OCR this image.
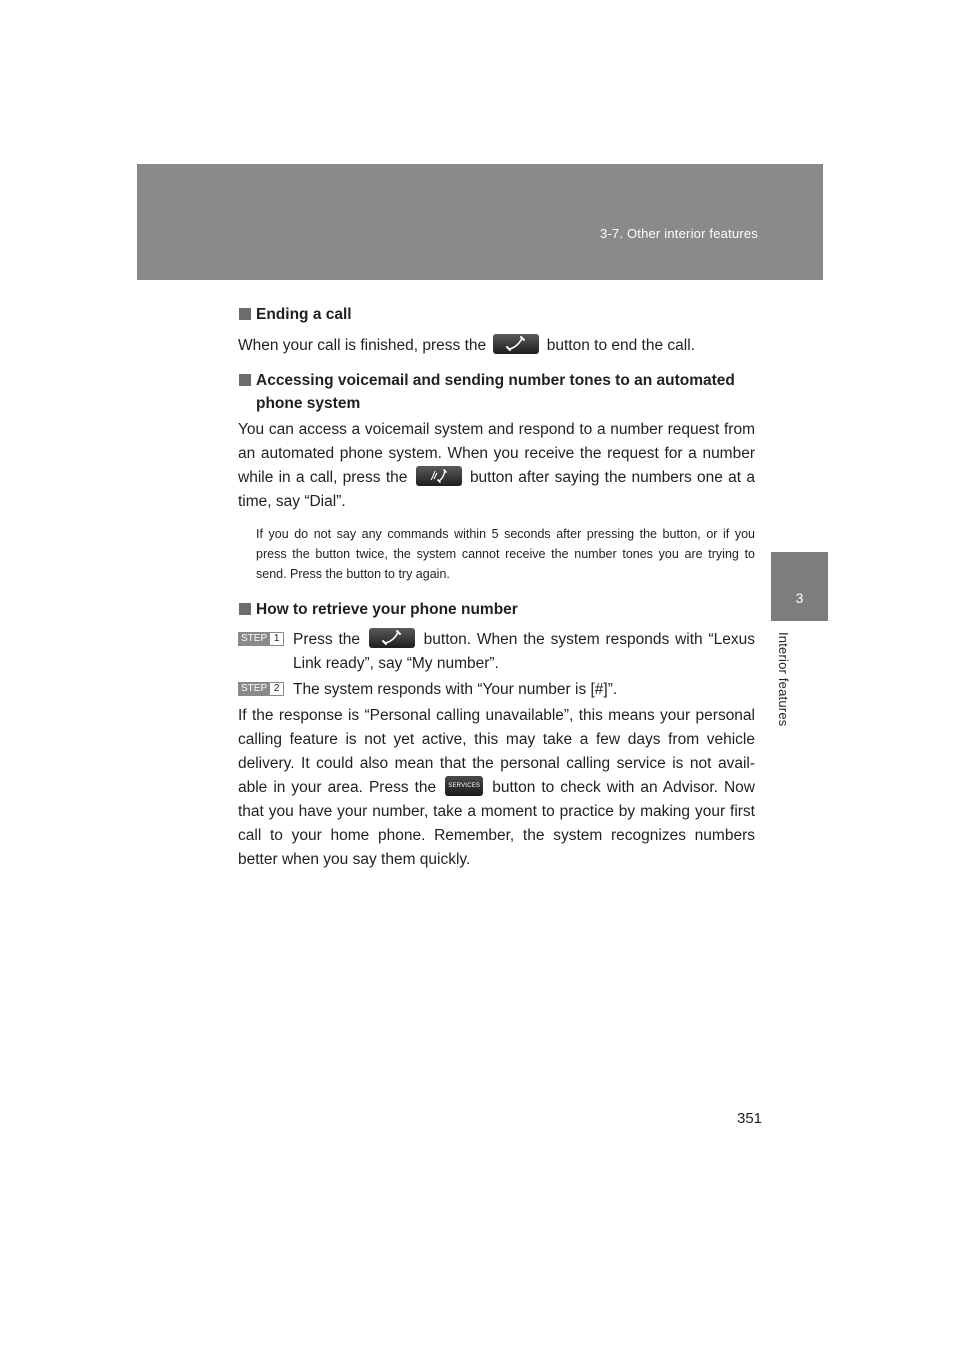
3-7. Other interior features
3
Interior features
Ending a call

When your call is finished, press the	button to end the call.

Accessing voicemail and sending number tones to an automated phone system

You can access a voicemail system and respond to a number request from an automated phone system. When you receive the request for a number while in a call, press the	button after saying the numbers one at a time, say “Dial”.

If you do not say any commands within 5 seconds after pressing the button, or if you press the button twice, the system cannot receive the number tones you are trying to send. Press the button to try again.

How to retrieve your phone number
STEP 1 Press the	button. When the system responds with “Lexus Link ready”, say “My number”.
STEP 2 The system responds with “Your number is [#]”.

If the response is “Personal calling unavailable”, this means your personal calling feature is not yet active, this may take a few days from vehicle delivery. It could also mean that the personal calling service is not avail- able in your area. Press the SERVICES button to check with an Advisor. Now that you have your number, take a moment to practice by making your first call to your home phone. Remember, the system recognizes numbers better when you say them quickly.

351
